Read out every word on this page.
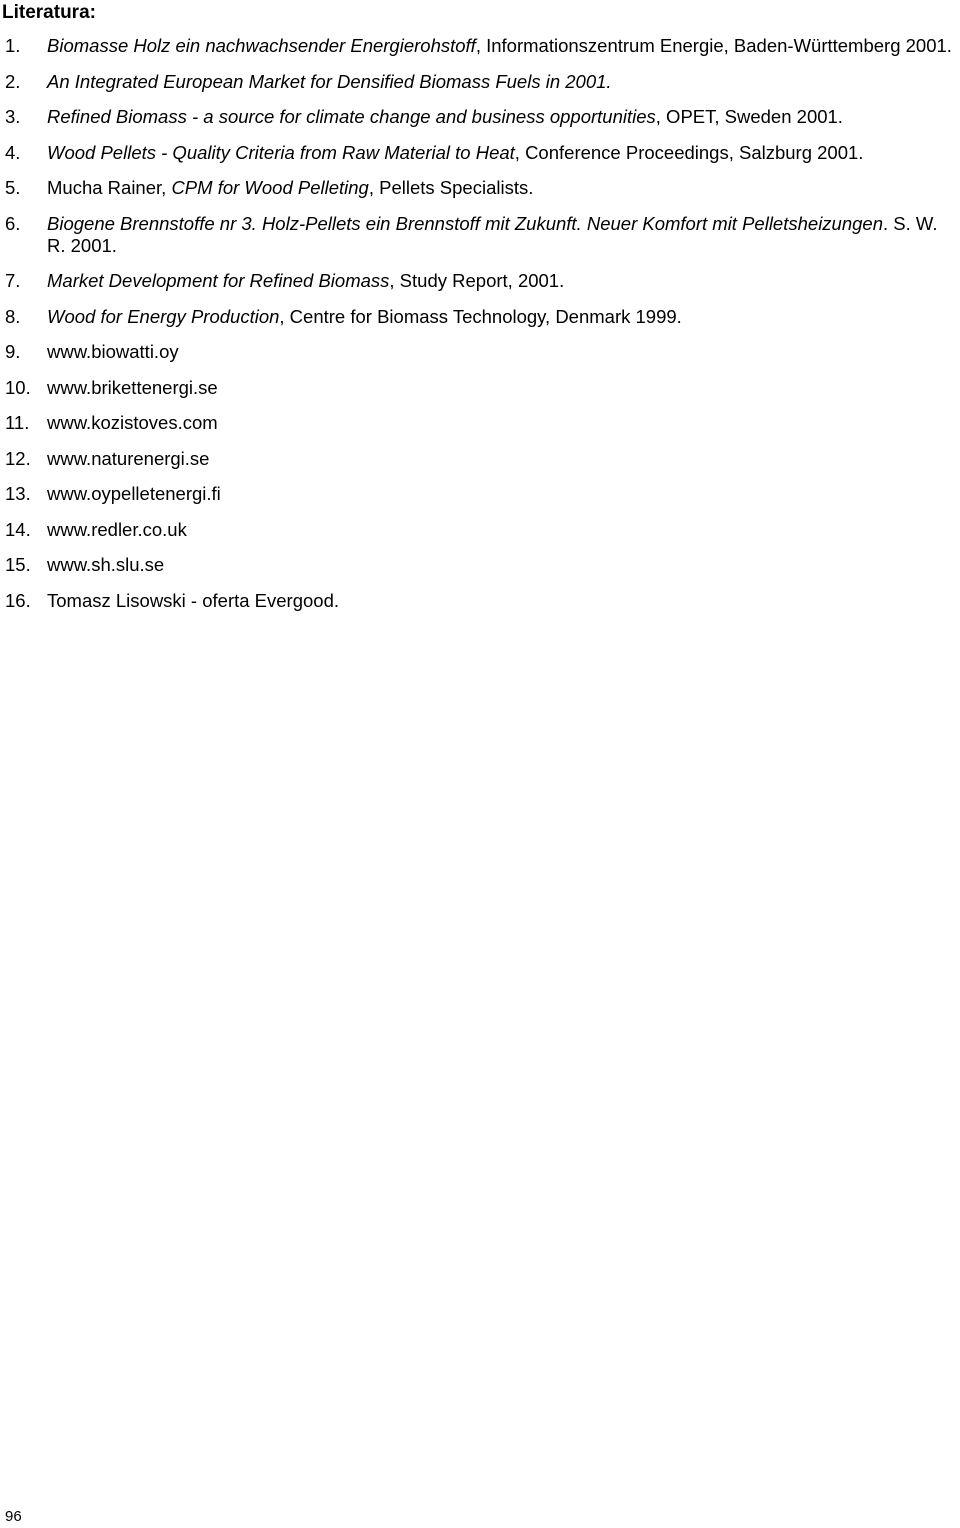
Literatura:
1. Biomasse Holz ein nachwachsender Energierohstoff, Informationszentrum Energie, Baden-Württemberg 2001.
2. An Integrated European Market for Densified Biomass Fuels in 2001.
3. Refined Biomass - a source for climate change and business opportunities, OPET, Sweden 2001.
4. Wood Pellets - Quality Criteria from Raw Material to Heat, Conference Proceedings, Salzburg 2001.
5. Mucha Rainer, CPM for Wood Pelleting, Pellets Specialists.
6. Biogene Brennstoffe nr 3. Holz-Pellets ein Brennstoff mit Zukunft. Neuer Komfort mit Pelletsheizungen. S. W. R. 2001.
7. Market Development for Refined Biomass, Study Report, 2001.
8. Wood for Energy Production, Centre for Biomass Technology, Denmark 1999.
9. www.biowatti.oy
10. www.brikettenergi.se
11. www.kozistoves.com
12. www.naturenergi.se
13. www.oypelletenergi.fi
14. www.redler.co.uk
15. www.sh.slu.se
16. Tomasz Lisowski - oferta Evergood.
96
